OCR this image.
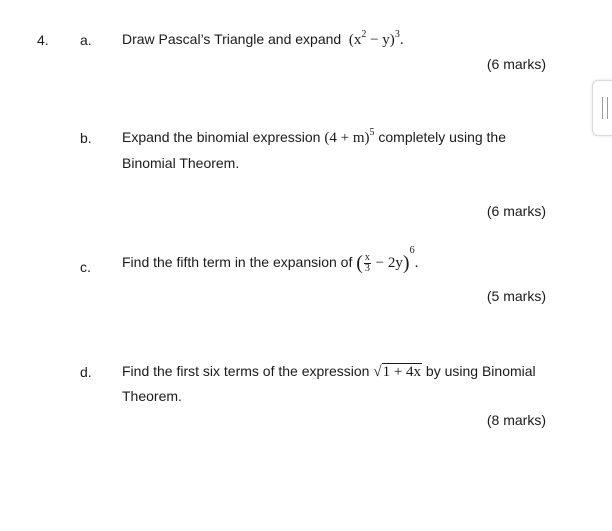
4. a. Draw Pascal’s Triangle and expand $(x^2 - y)^3$.
(6 marks)
b. Expand the binomial expression $(4 + m)^5$ completely using the
Binomial Theorem.
(6 marks)
c. Find the fifth term in the expansion of ( $\frac{x}{3} - 2y)^6$.
(5 marks)
d. Find the first six terms of the expression √1 + 4x by using Binomial
Theorem.
(8 marks)
